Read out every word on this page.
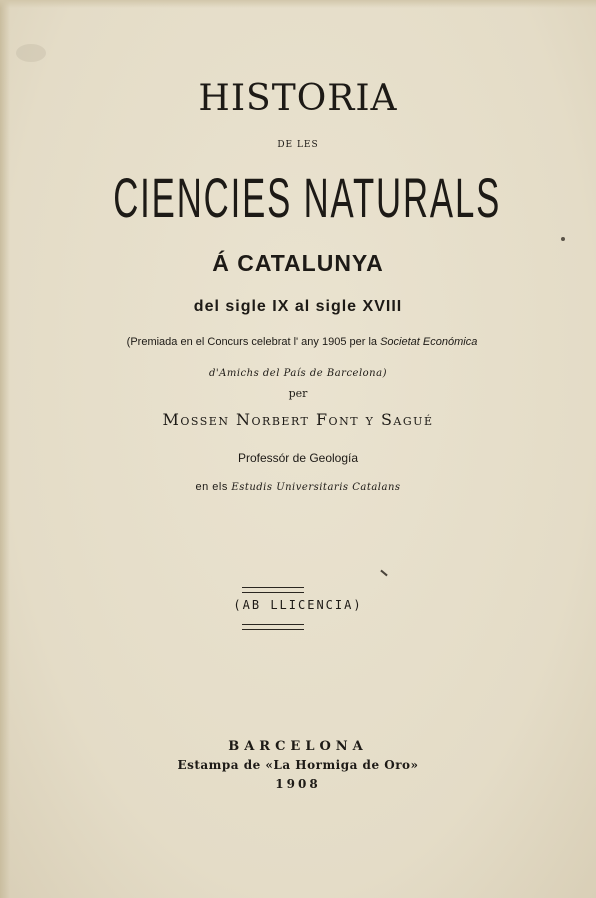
HISTORIA
DE LES
CIENCIES NATURALS
Á CATALUNYA
del sigle IX al sigle XVIII
(Premiada en el Concurs celebrat l' any 1905 per la Societat Económica
d'Amichs del País de Barcelona)
per
Mossen Norbert Font y Sagué
Professór de Geología
en els Estudis Universitaris Catalans
(AB LLICENCIA)
BARCELONA
Estampa de «La Hormiga de Oro»
1908
